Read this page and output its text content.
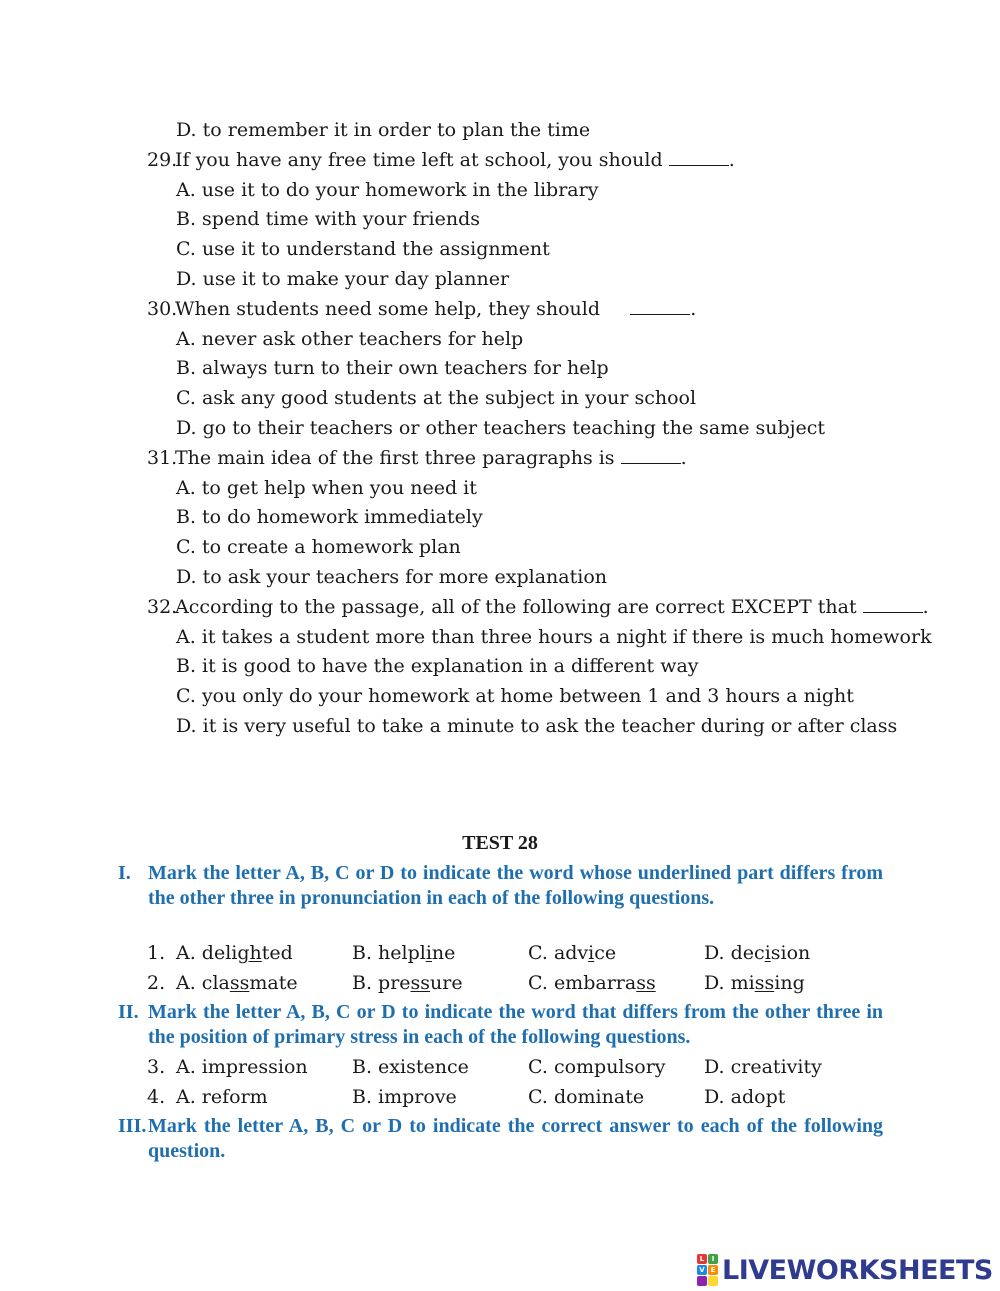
D. to remember it in order to plan the time
29.If you have any free time left at school, you should	.
A. use it to do your homework in the library
B. spend time with your friends
C. use it to understand the assignment
D. use it to make your day planner
30.When students need some help, they should	.
A. never ask other teachers for help
B. always turn to their own teachers for help
C. ask any good students at the subject in your school
D. go to their teachers or other teachers teaching the same subject
31.The main idea of the first three paragraphs is	.
A. to get help when you need it
B. to do homework immediately
C. to create a homework plan
D. to ask your teachers for more explanation
32.According to the passage, all of the following are correct EXCEPT that	.
A. it takes a student more than three hours a night if there is much homework
B. it is good to have the explanation in a different way
C. you only do your homework at home between 1 and 3 hours a night
D. it is very useful to take a minute to ask the teacher during or after class
TEST 28
I. Mark the letter A, B, C or D to indicate the word whose underlined part differs from the other three in pronunciation in each of the following questions.
1. A. delighted	B. helpline	C. advice	D. decision
2. A. classmate	B. pressure	C. embarrass	D. missing
II. Mark the letter A, B, C or D to indicate the word that differs from the other three in the position of primary stress in each of the following questions.
3. A. impression B. existence	C. compulsory D. creativity
4. A. reform	B. improve	C. dominate	D. adopt
III. Mark the letter A, B, C or D to indicate the correct answer to each of the following question.
L	I
V E LIVEWORKSHEETS
